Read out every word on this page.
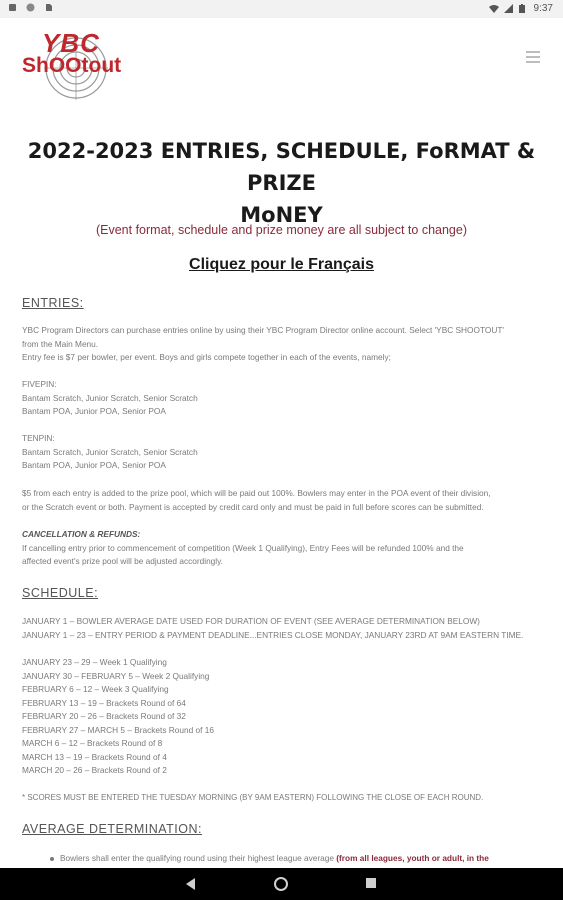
9:37
YBC
ShOOtout
2022-2023 ENTRIES, SCHEDULE, FoRMAT & PRIZE
MoNEY
(Event format, schedule and prize money are all subject to change)
Cliquez pour le Français
ENTRIES:
YBC Program Directors can purchase entries online by using their YBC Program Director online account. Select 'YBC SHOOTOUT'
from the Main Menu.
Entry fee is $7 per bowler, per event. Boys and girls compete together in each of the events, namely;
FIVEPIN:
Bantam Scratch, Junior Scratch, Senior Scratch
Bantam POA, Junior POA, Senior POA
TENPIN:
Bantam Scratch, Junior Scratch, Senior Scratch
Bantam POA, Junior POA, Senior POA
$5 from each entry is added to the prize pool, which will be paid out 100%. Bowlers may enter in the POA event of their division,
or the Scratch event or both. Payment is accepted by credit card only and must be paid in full before scores can be submitted.
CANCELLATION & REFUNDS:
If cancelling entry prior to commencement of competition (Week 1 Qualifying), Entry Fees will be refunded 100% and the
affected event's prize pool will be adjusted accordingly.
SCHEDULE:
JANUARY 1 – BOWLER AVERAGE DATE USED FOR DURATION OF EVENT (SEE AVERAGE DETERMINATION BELOW)
JANUARY 1 – 23 – ENTRY PERIOD & PAYMENT DEADLINE...ENTRIES CLOSE MONDAY, JANUARY 23RD AT 9AM EASTERN TIME.
JANUARY 23 – 29 – Week 1 Qualifying
JANUARY 30 – FEBRUARY 5 – Week 2 Qualifying
FEBRUARY 6 – 12 – Week 3 Qualifying
FEBRUARY 13 – 19 – Brackets Round of 64
FEBRUARY 20 – 26 – Brackets Round of 32
FEBRUARY 27 – MARCH 5 – Brackets Round of 16
MARCH 6 – 12 – Brackets Round of 8
MARCH 13 – 19 – Brackets Round of 4
MARCH 20 – 26 – Brackets Round of 2
* SCORES MUST BE ENTERED THE TUESDAY MORNING (BY 9AM EASTERN) FOLLOWING THE CLOSE OF EACH ROUND.
AVERAGE DETERMINATION:
Bowlers shall enter the qualifying round using their highest league average (from all leagues, youth or adult, in the
